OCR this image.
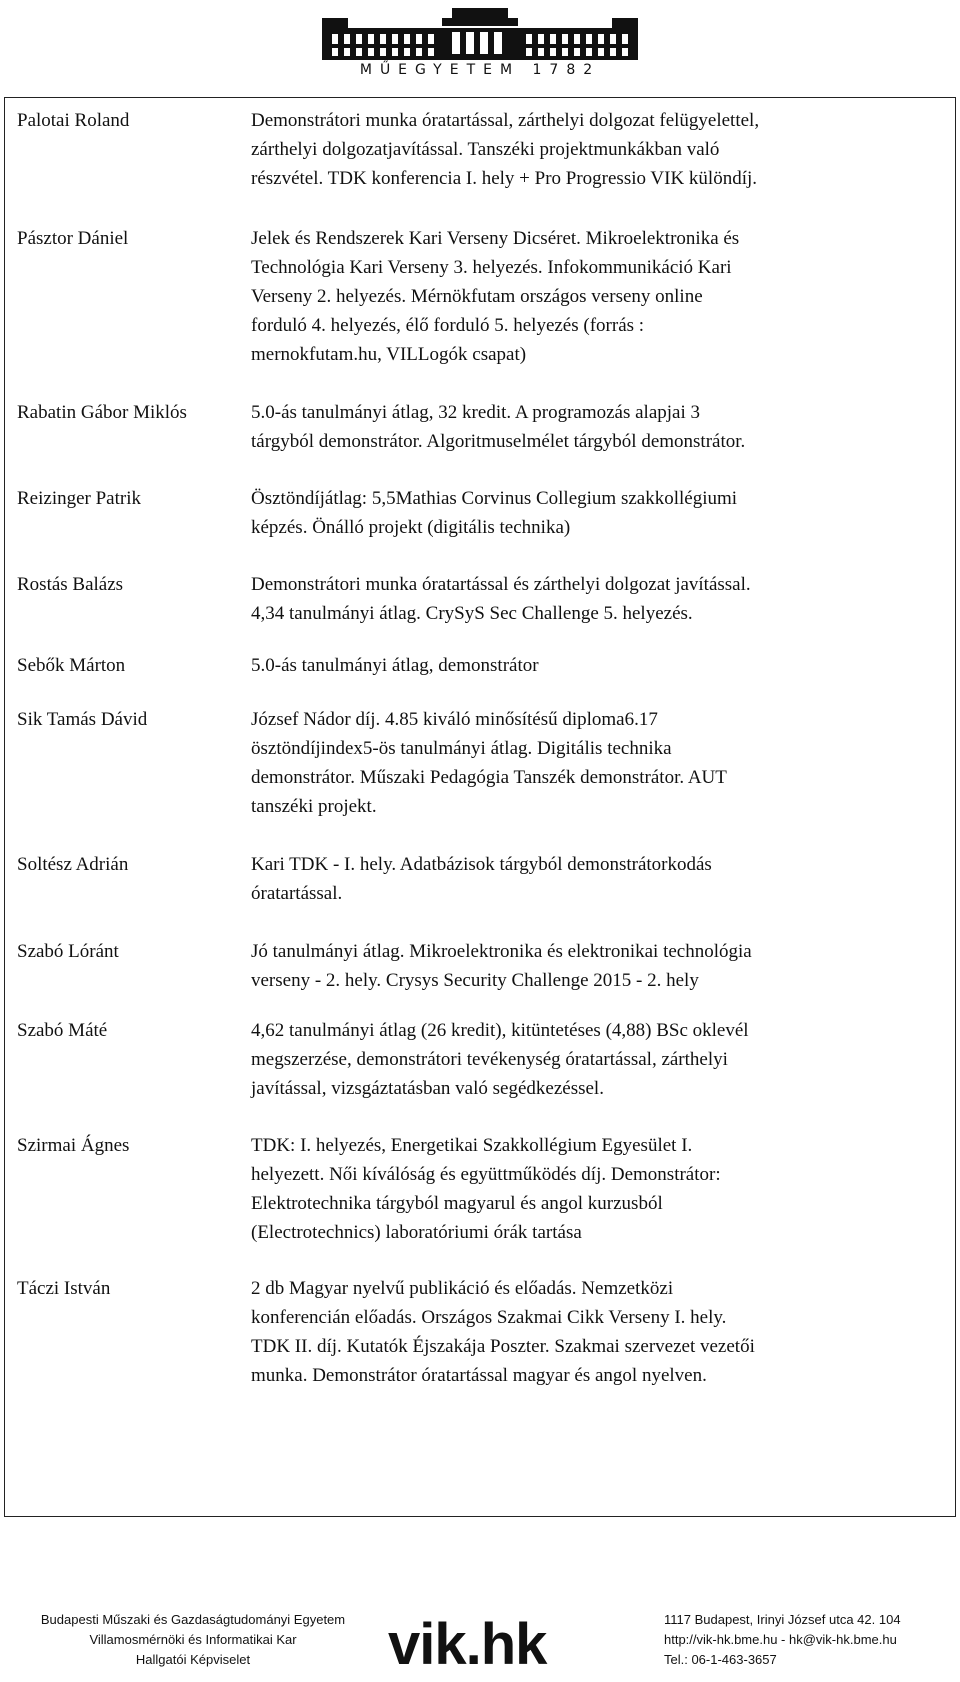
MŰEGYETEM 1782
Palotai Roland	Demonstrátori munka óratartással, zárthelyi dolgozat felügyelettel,
zárthelyi dolgozatjavítással. Tanszéki projektmunkákban való
részvétel. TDK konferencia I. hely + Pro Progressio VIK különdíj.
Pásztor Dániel	Jelek és Rendszerek Kari Verseny Dicséret. Mikroelektronika és
Technológia Kari Verseny 3. helyezés. Infokommunikáció Kari
Verseny 2. helyezés. Mérnökfutam országos verseny online
forduló 4. helyezés, élő forduló 5. helyezés (forrás :
mernokfutam.hu, VILLogók csapat)
Rabatin Gábor Miklós	5.0-ás tanulmányi átlag, 32 kredit. A programozás alapjai 3
tárgyból demonstrátor. Algoritmuselmélet tárgyból demonstrátor.
Reizinger Patrik	Ösztöndíjátlag: 5,5Mathias Corvinus Collegium szakkollégiumi
képzés. Önálló projekt (digitális technika)
Rostás Balázs	Demonstrátori munka óratartással és zárthelyi dolgozat javítással.
4,34 tanulmányi átlag. CrySyS Sec Challenge 5. helyezés.
Sebők Márton	5.0-ás tanulmányi átlag, demonstrátor
Sik Tamás Dávid	József Nádor díj. 4.85 kiváló minősítésű diploma6.17
ösztöndíjindex5-ös tanulmányi átlag. Digitális technika
demonstrátor. Műszaki Pedagógia Tanszék demonstrátor. AUT
tanszéki projekt.
Soltész Adrián	Kari TDK - I. hely. Adatbázisok tárgyból demonstrátorkodás
óratartással.
Szabó Lóránt	Jó tanulmányi átlag. Mikroelektronika és elektronikai technológia
verseny - 2. hely. Crysys Security Challenge 2015 - 2. hely
Szabó Máté	4,62 tanulmányi átlag (26 kredit), kitüntetéses (4,88) BSc oklevél
megszerzése, demonstrátori tevékenység óratartással, zárthelyi
javítással, vizsgáztatásban való segédkezéssel.
Szirmai Ágnes	TDK: I. helyezés, Energetikai Szakkollégium Egyesület I.
helyezett. Női kíválóság és együttműködés díj. Demonstrátor:
Elektrotechnika tárgyból magyarul és angol kurzusból
(Electrotechnics) laboratóriumi órák tartása
Táczi István	2 db Magyar nyelvű publikáció és előadás. Nemzetközi
konferencián előadás. Országos Szakmai Cikk Verseny I. hely.
TDK II. díj. Kutatók Éjszakája Poszter. Szakmai szervezet vezetői
munka. Demonstrátor óratartással magyar és angol nyelven.
Budapesti Műszaki és Gazdaságtudományi Egyetem
Villamosmérnöki és Informatikai Kar
Hallgatói Képviselet	vik.hk	1117 Budapest, Irinyi József utca 42. 104
http://vik-hk.bme.hu - hk@vik-hk.bme.hu
Tel.: 06-1-463-3657
